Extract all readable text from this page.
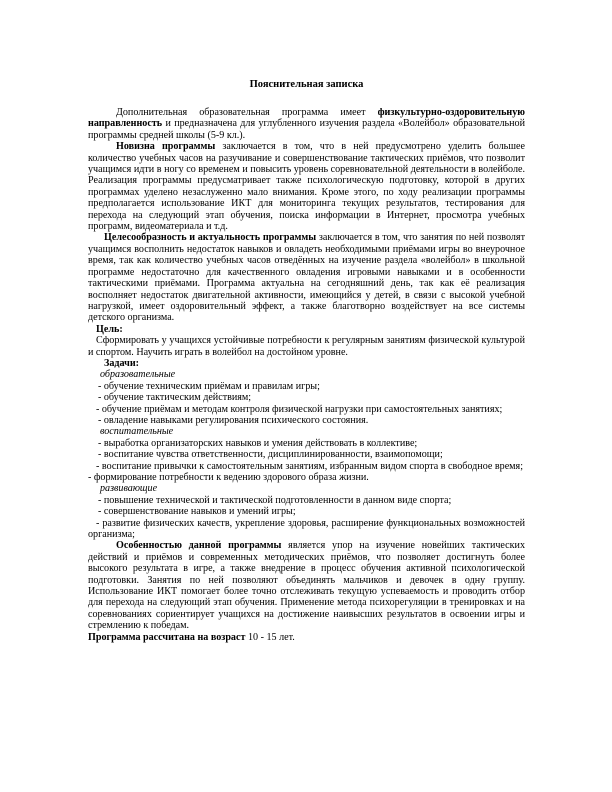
Пояснительная записка

Дополнительная образовательная программа имеет физкультурно-оздоровительную направленность и предназначена для углубленного изучения раздела «Волейбол» образовательной программы средней школы (5-9 кл.).

Новизна программы заключается в том, что в ней предусмотрено уделить большее количество учебных часов на разучивание и совершенствование тактических приёмов, что позволит учащимся идти в ногу со временем и повысить уровень соревновательной деятельности в волейболе. Реализация программы предусматривает также психологическую подготовку, которой в других программах уделено незаслуженно мало внимания. Кроме этого, по ходу реализации программы предполагается использование ИКТ для мониторинга текущих результатов, тестирования для перехода на следующий этап обучения, поиска информации в Интернет, просмотра учебных программ, видеоматериала и т.д.

Целесообразность и актуальность программы заключается в том, что занятия по ней позволят учащимся восполнить недостаток навыков и овладеть необходимыми приёмами игры во внеурочное время, так как количество учебных часов отведённых на изучение раздела «волейбол» в школьной программе недостаточно для качественного овладения игровыми навыками и в особенности тактическими приёмами. Программа актуальна на сегодняшний день, так как её реализация восполняет недостаток двигательной активности, имеющийся у детей, в связи с высокой учебной нагрузкой, имеет оздоровительный эффект, а также благотворно воздействует на все системы детского организма.

Цель:

Сформировать у учащихся устойчивые потребности к регулярным занятиям физической культурой и спортом. Научить играть в волейбол на достойном уровне.

Задачи:

образовательные

- обучение техническим приёмам и правилам игры;

- обучение тактическим действиям;

- обучение приёмам и методам контроля физической нагрузки при самостоятельных занятиях;

- овладение навыками регулирования психического состояния.

воспитательные

- выработка организаторских навыков и умения действовать в коллективе;

- воспитание чувства ответственности, дисциплинированности, взаимопомощи;

- воспитание привычки к самостоятельным занятиям, избранным видом спорта в свободное время;

- формирование потребности к ведению здорового образа жизни.

развивающие

- повышение технической и тактической подготовленности в данном виде спорта;

- совершенствование навыков и умений игры;

- развитие физических качеств, укрепление здоровья, расширение функциональных возможностей организма;

Особенностью данной программы является упор на изучение новейших тактических действий и приёмов и современных методических приёмов, что позволяет достигнуть более высокого результата в игре, а также внедрение в процесс обучения активной психологической подготовки. Занятия по ней позволяют объединять мальчиков и девочек в одну группу. Использование ИКТ помогает более точно отслеживать текущую успеваемость и проводить отбор для перехода на следующий этап обучения. Применение метода психорегуляции в тренировках и на соревнованиях сориентирует учащихся на достижение наивысших результатов в освоении игры и стремлению к победам.

Программа рассчитана на возраст 10 - 15 лет.
